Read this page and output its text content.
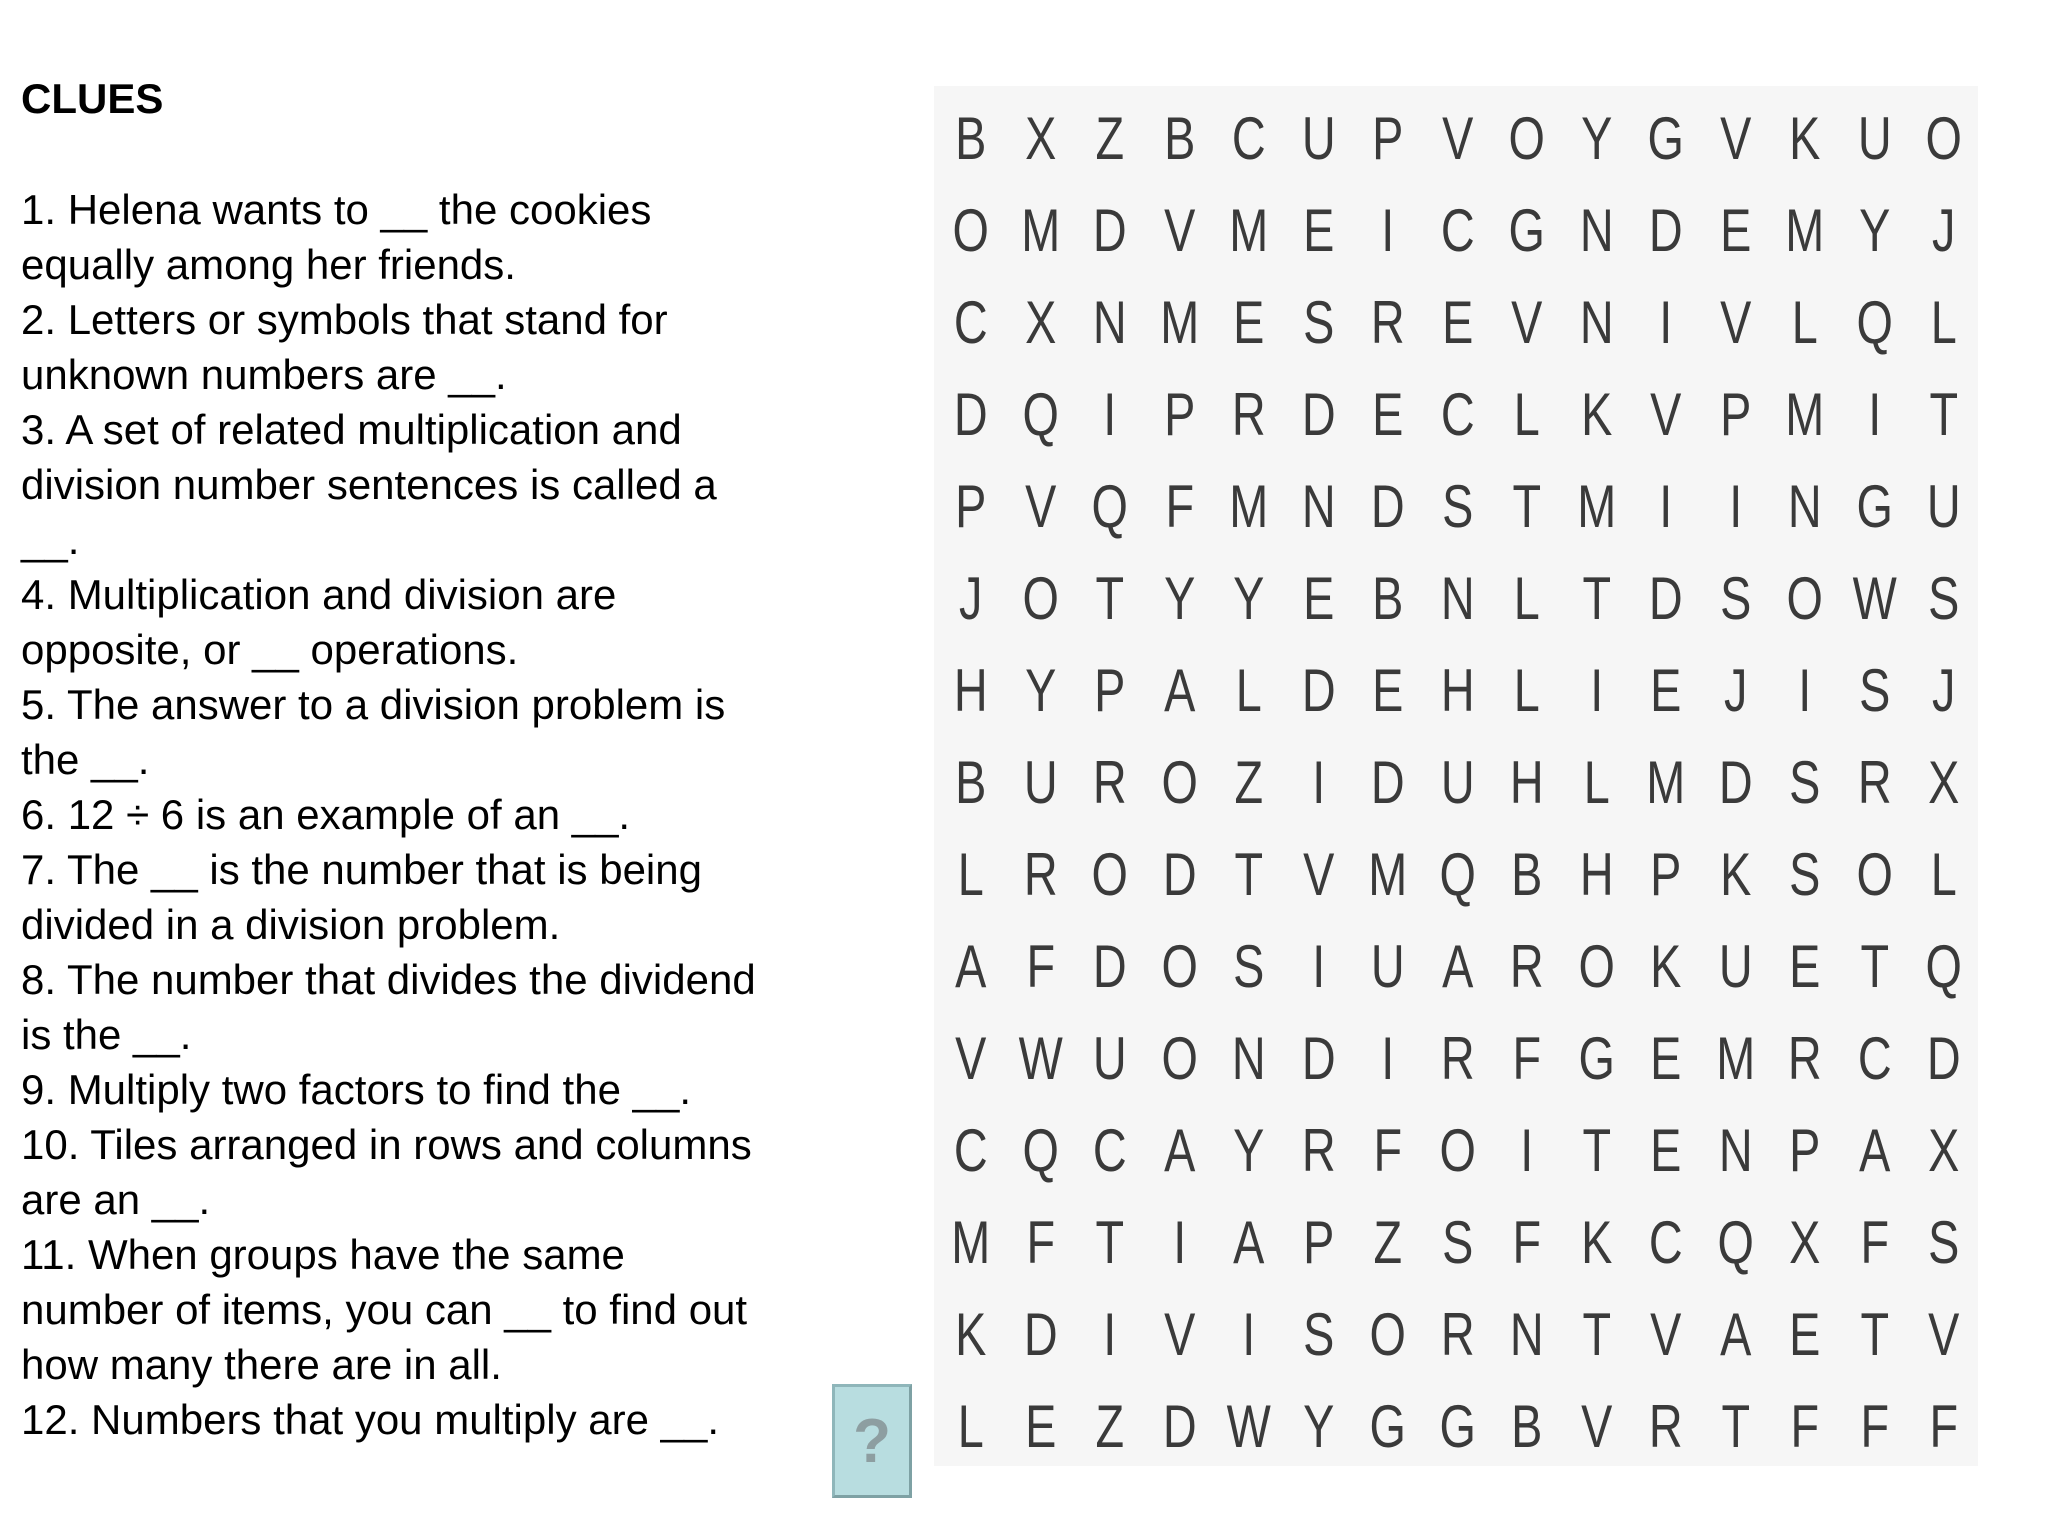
CLUES
1. Helena wants to __ the cookies
equally among her friends.
2. Letters or symbols that stand for
unknown numbers are __.
3. A set of related multiplication and
division number sentences is called a
__.
4. Multiplication and division are
opposite, or __ operations.
5. The answer to a division problem is
the __.
6. 12 ÷ 6 is an example of an __.
7. The __ is the number that is being
divided in a division problem.
8. The number that divides the dividend
is the __.
9. Multiply two factors to find the __.
10. Tiles arranged in rows and columns
are an __.
11. When groups have the same
number of items, you can __ to find out
how many there are in all.
12. Numbers that you multiply are __.	?
B X Z B C U P V O Y G V K U O
O M D V M E I C G N D E M Y J
C X N M E S R E V N I V L Q L
D Q I P R D E C L K V P M I T
P V Q F M N D S T M I I N G U
J O T Y Y E B N L T D S O W S
H Y P A L D E H L I E J I S J
B U R O Z I D U H L M D S R X
L R O D T V M Q B H P K S O L
A F D O S I U A R O K U E T Q
V W U O N D I R F G E M R C D
C Q C A Y R F O I T E N P A X
M F T I A P Z S F K C Q X F S
K D I V I S O R N T V A E T V
L E Z D W Y G G B V R T F F F
